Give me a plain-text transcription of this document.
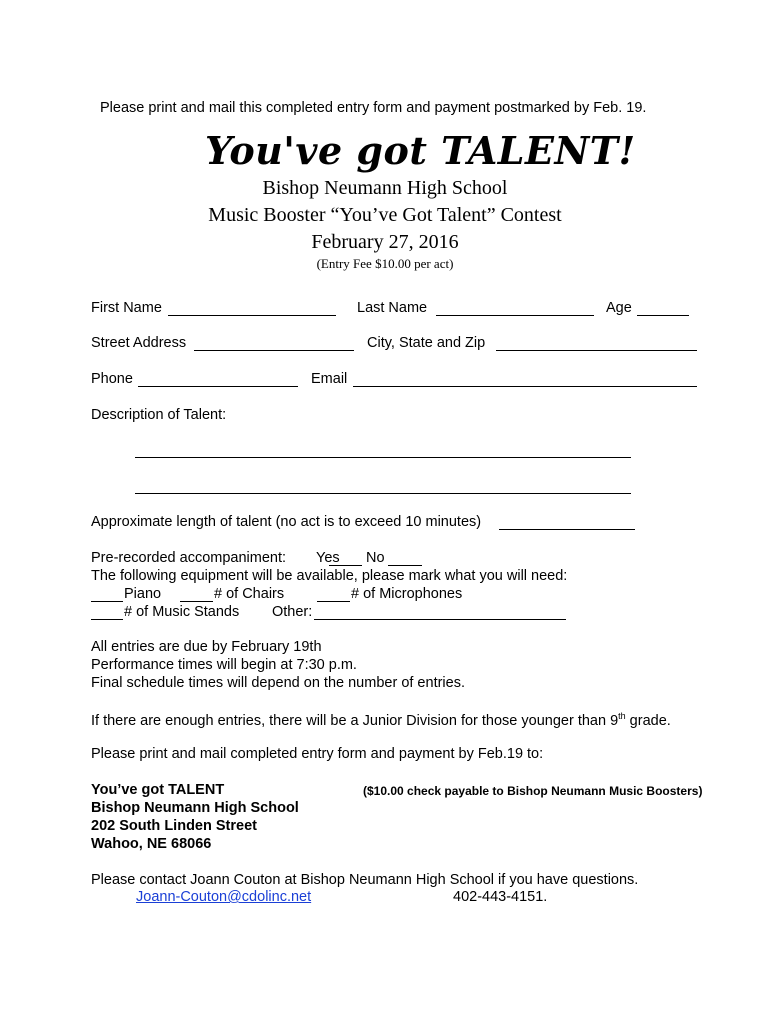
Please print and mail this completed entry form and payment postmarked by Feb. 19.
You've got TALENT!
Bishop Neumann High School
Music Booster “You’ve Got Talent” Contest
February 27, 2016
(Entry Fee $10.00 per act)
First Name	Last Name	Age
Street Address	City, State and Zip
Phone	Email
Description of Talent:
Approximate length of talent (no act is to exceed 10 minutes)
Pre-recorded accompaniment: Yes No
The following equipment will be available, please mark what you will need:
Piano	# of Chairs	# of Microphones
# of Music Stands Other:
All entries are due by February 19th
Performance times will begin at 7:30 p.m.
Final schedule times will depend on the number of entries.
If there are enough entries, there will be a Junior Division for those younger than 9th grade.
Please print and mail completed entry form and payment by Feb.19 to:
You’ve got TALENT	($10.00 check payable to Bishop Neumann Music Boosters)
Bishop Neumann High School
202 South Linden Street
Wahoo, NE 68066
Please contact Joann Couton at Bishop Neumann High School if you have questions.
Joann-Couton@cdolinc.net	402-443-4151.
